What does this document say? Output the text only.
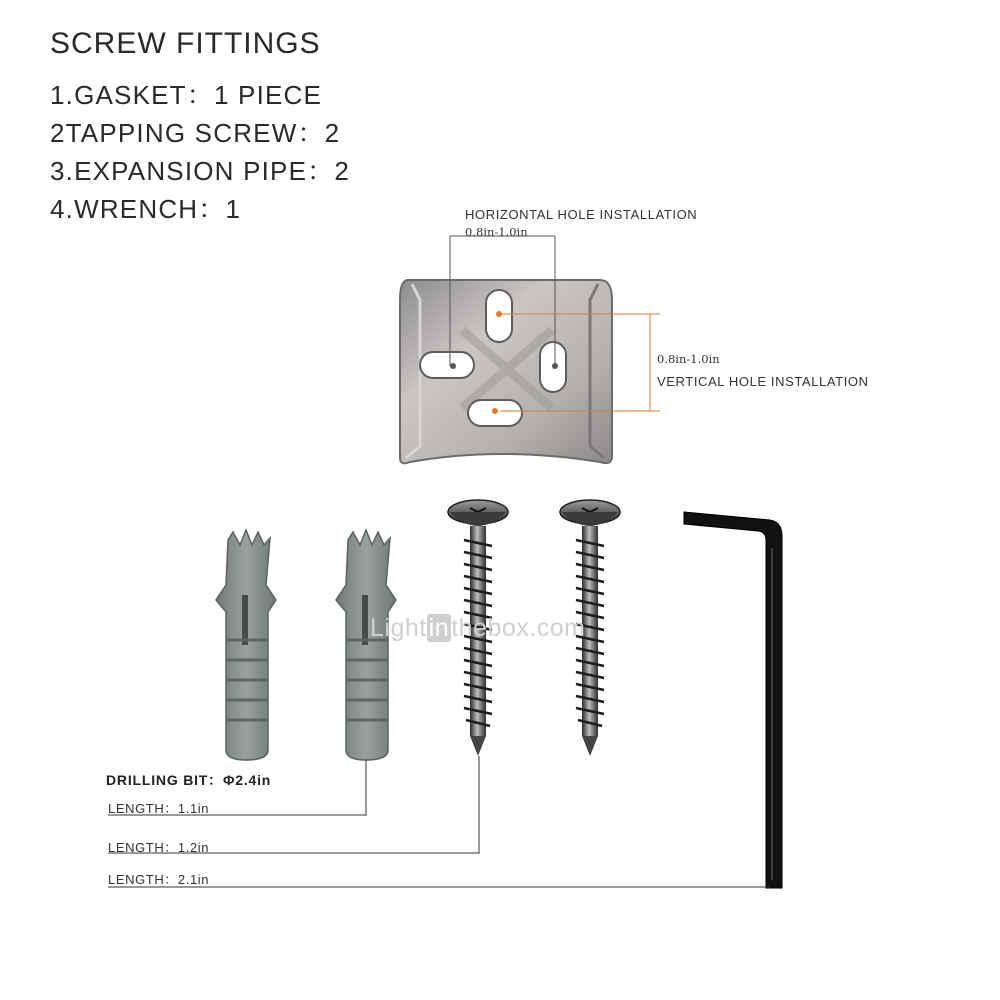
SCREW FITTINGS
1.GASKET：1 PIECE
2TAPPING SCREW：2
3.EXPANSION PIPE：2
4.WRENCH：1	HORIZONTAL HOLE INSTALLATION
0.8in-1.0in
0.8in-1.0in
VERTICAL HOLE INSTALLATION
Lightinthebox.com
DRILLING BIT：Φ2.4in
LENGTH：1.1in
LENGTH：1.2in
LENGTH：2.1in
